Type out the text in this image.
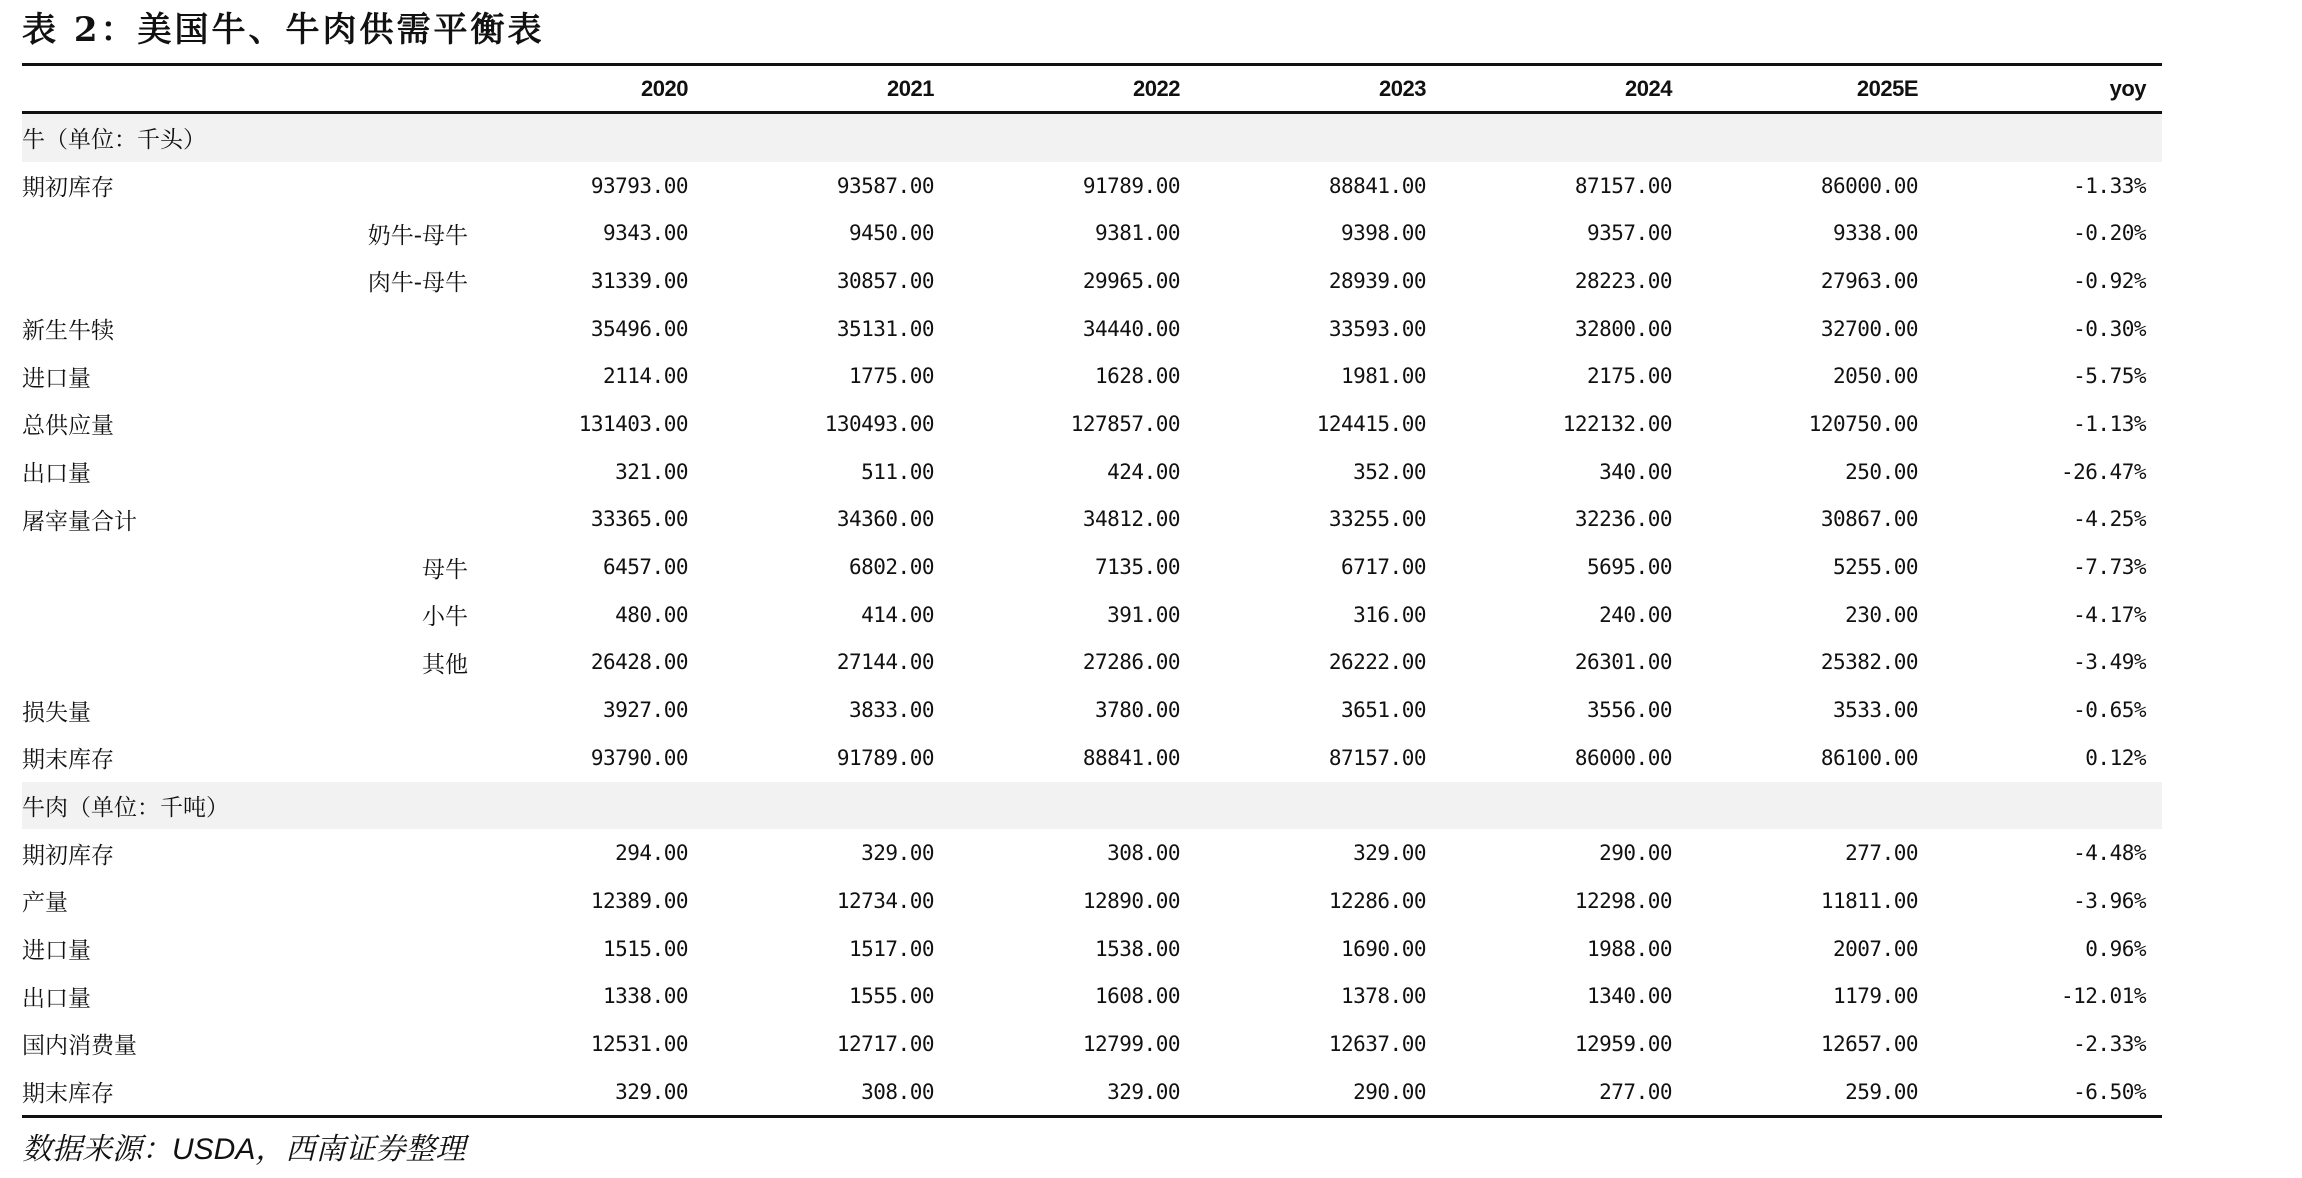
表 2：美国牛、牛肉供需平衡表
2020	2021	2022	2023	2024	2025E	yoy
牛（单位：千头）
期初库存	93793.00	93587.00	91789.00	88841.00	87157.00	86000.00	-1.33%
奶牛-母牛	9343.00	9450.00	9381.00	9398.00	9357.00	9338.00	-0.20%
肉牛-母牛	31339.00	30857.00	29965.00	28939.00	28223.00	27963.00	-0.92%
新生牛犊	35496.00	35131.00	34440.00	33593.00	32800.00	32700.00	-0.30%
进口量	2114.00	1775.00	1628.00	1981.00	2175.00	2050.00	-5.75%
总供应量	131403.00	130493.00	127857.00	124415.00	122132.00	120750.00	-1.13%
出口量	321.00	511.00	424.00	352.00	340.00	250.00	-26.47%
屠宰量合计	33365.00	34360.00	34812.00	33255.00	32236.00	30867.00	-4.25%
母牛	6457.00	6802.00	7135.00	6717.00	5695.00	5255.00	-7.73%
小牛	480.00	414.00	391.00	316.00	240.00	230.00	-4.17%
其他	26428.00	27144.00	27286.00	26222.00	26301.00	25382.00	-3.49%
损失量	3927.00	3833.00	3780.00	3651.00	3556.00	3533.00	-0.65%
期末库存	93790.00	91789.00	88841.00	87157.00	86000.00	86100.00	0.12%
牛肉（单位：千吨）
期初库存	294.00	329.00	308.00	329.00	290.00	277.00	-4.48%
产量	12389.00	12734.00	12890.00	12286.00	12298.00	11811.00	-3.96%
进口量	1515.00	1517.00	1538.00	1690.00	1988.00	2007.00	0.96%
出口量	1338.00	1555.00	1608.00	1378.00	1340.00	1179.00	-12.01%
国内消费量	12531.00	12717.00	12799.00	12637.00	12959.00	12657.00	-2.33%
期末库存	329.00	308.00	329.00	290.00	277.00	259.00	-6.50%
数据来源：USDA，西南证券整理
